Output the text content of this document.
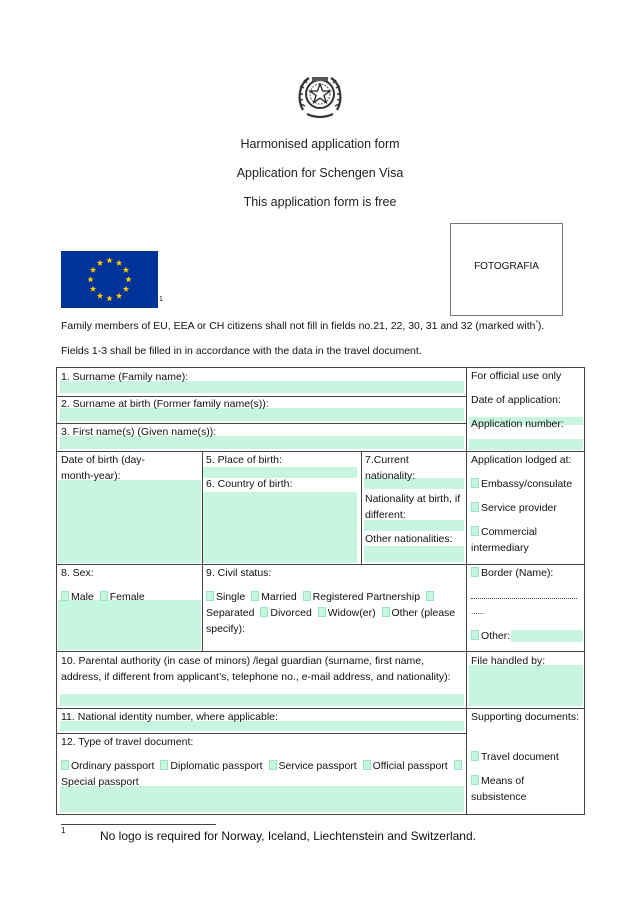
Harmonised application form
Application for Schengen Visa
This application form is free
1
FOTOGRAFIA
Family members of EU, EEA or CH citizens shall not fill in fields no.21, 22, 30, 31 and 32 (marked with*).
Fields 1-3 shall be filled in in accordance with the data in the travel document.
1. Surname (Family name):
2. Surname at birth (Former family name(s)):
3. First name(s) (Given name(s)):
Date of birth (day-month-year):
5. Place of birth:
6. Country of birth:
7.Current nationality:
Nationality at birth, if different:
Other nationalities:
8. Sex:
Male Female
9. Civil status:
Single Married Registered Partnership
Separated Divorced Widow(er) Other (please
specify):
10. Parental authority (in case of minors) /legal guardian (surname, first name, address, if different from applicant’s, telephone no., e-mail address, and nationality):
11. National identity number, where applicable:
12. Type of travel document:
Ordinary passport Diplomatic passport Service passport Official passport
Special passport
For official use only
Date of application:
Application number:
Application lodged at:
Embassy/consulate
Service provider
Commercial intermediary
Border (Name):
......
Other:
File handled by:
Supporting documents:
Travel document
Means of subsistence
1	No logo is required for Norway, Iceland, Liechtenstein and Switzerland.
